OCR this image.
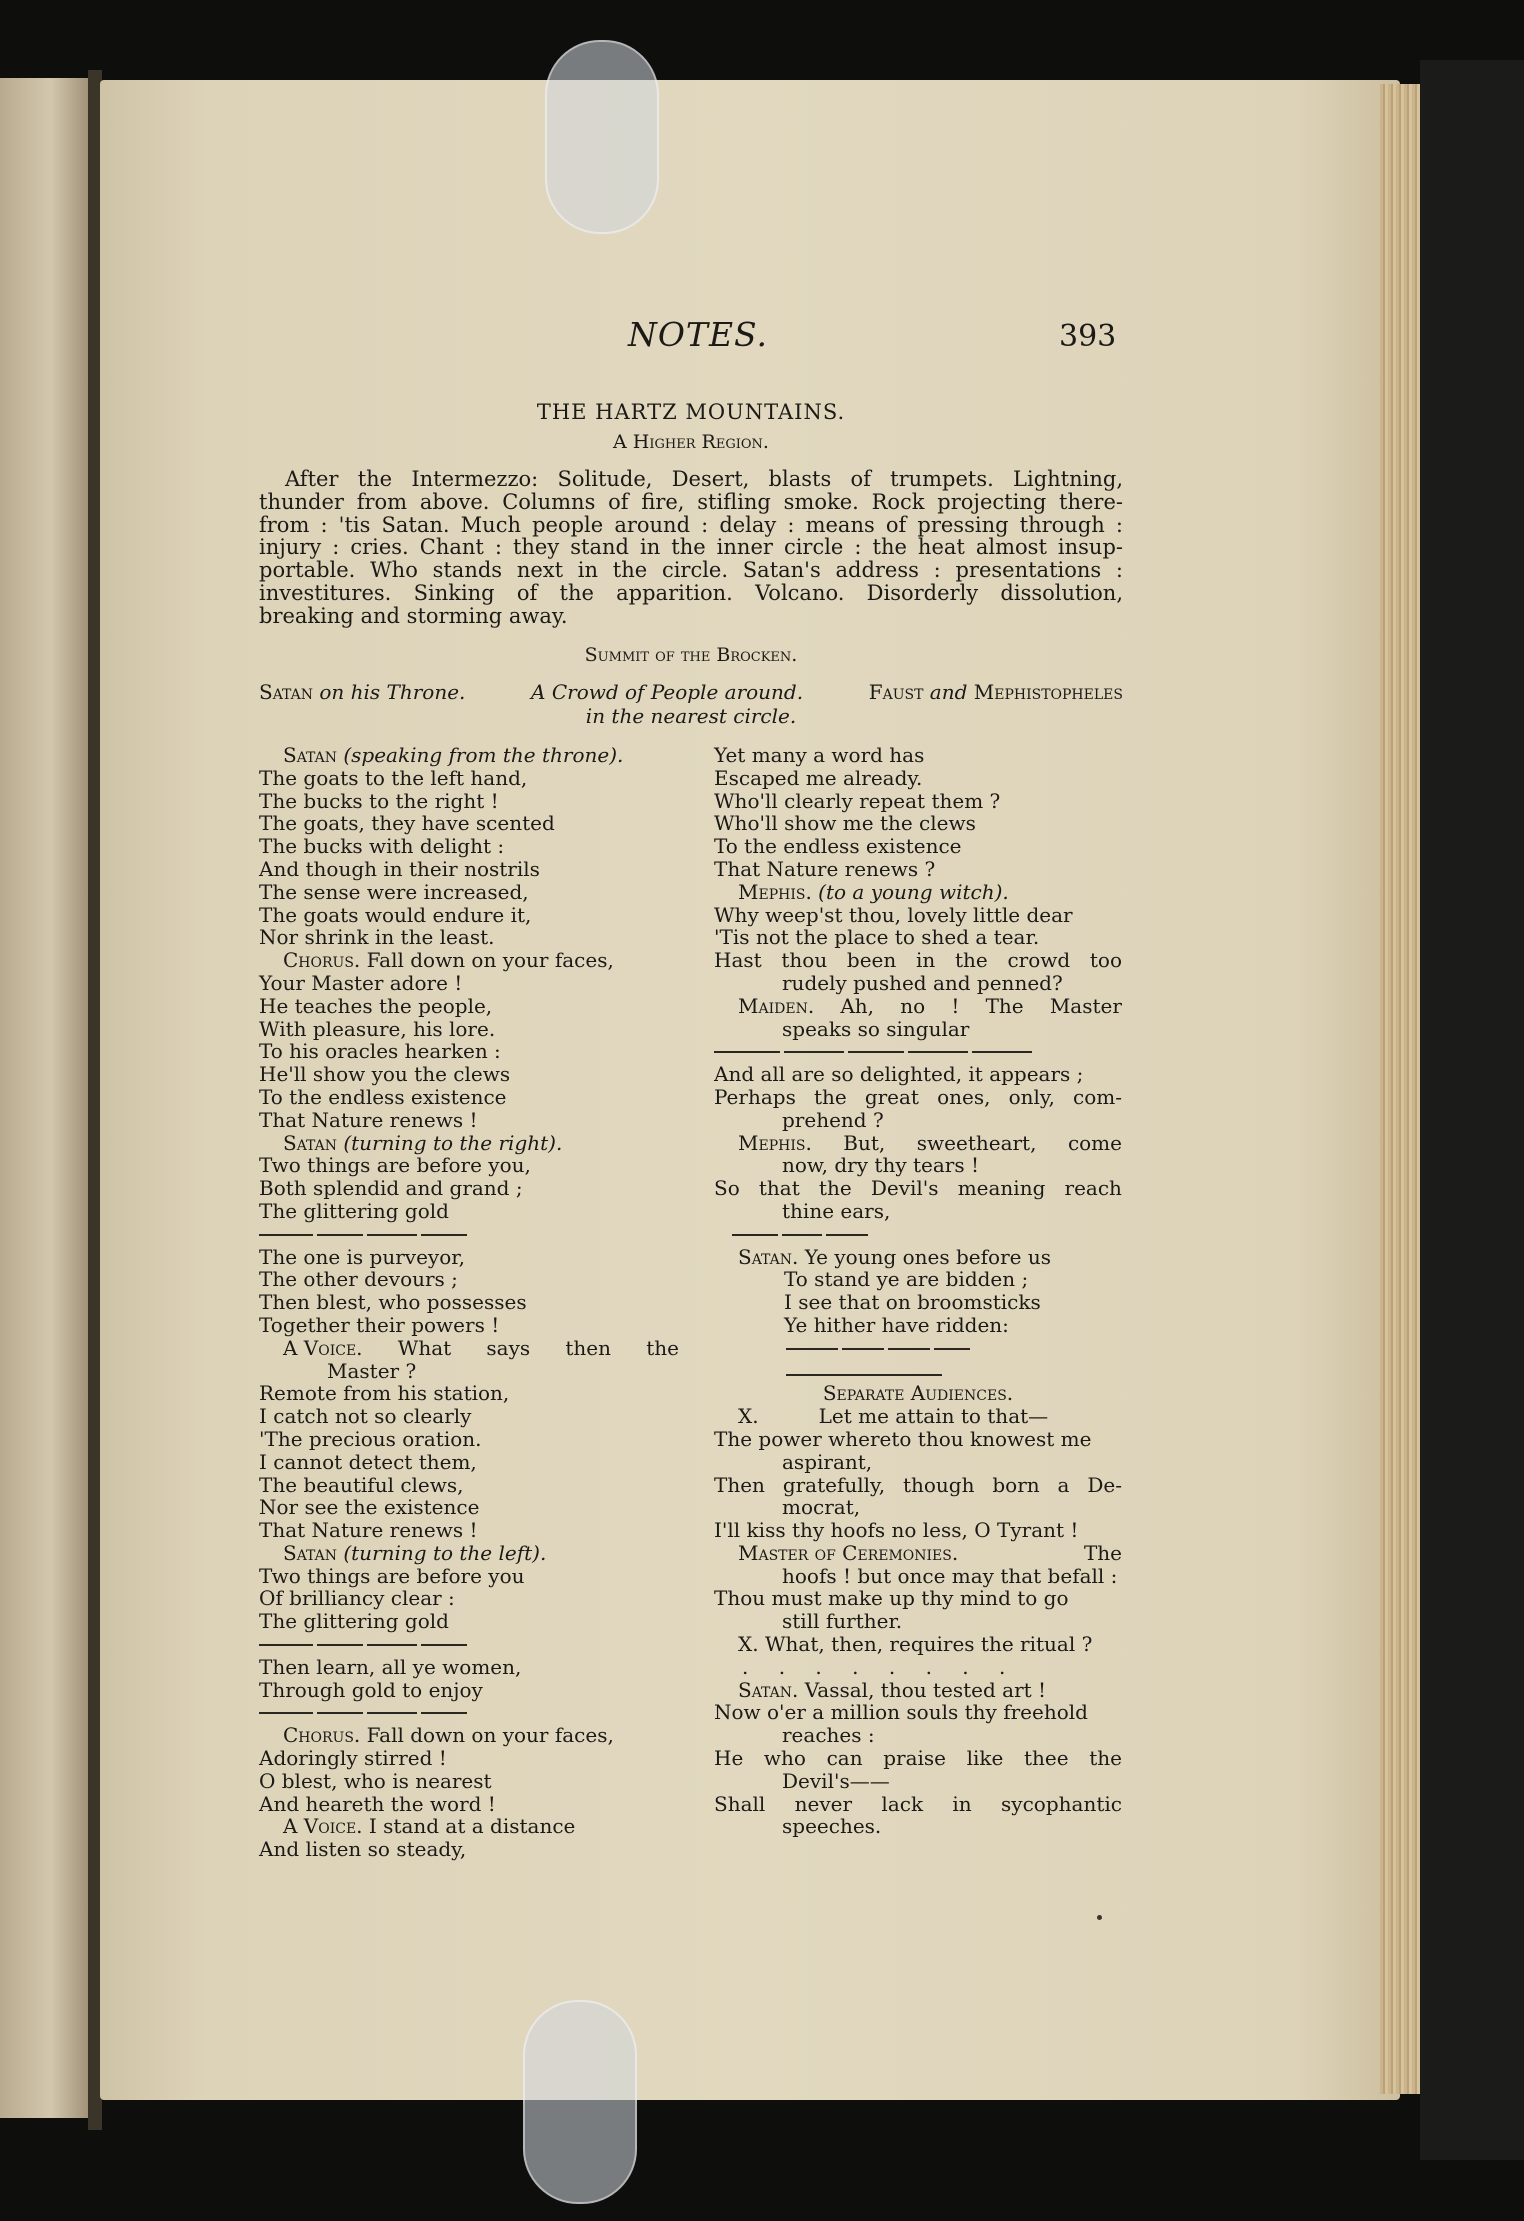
NOTES.	393
THE HARTZ MOUNTAINS.
A Higher Region.
After the Intermezzo: Solitude, Desert, blasts of trumpets. Lightning,
thunder from above. Columns of fire, stifling smoke. Rock projecting there-
from : 'tis Satan. Much people around : delay : means of pressing through :
injury : cries. Chant : they stand in the inner circle : the heat almost insup-
portable. Who stands next in the circle. Satan's address : presentations :
investitures. Sinking of the apparition. Volcano. Disorderly dissolution,
breaking and storming away.
Summit of the Brocken.
Satan on his Throne.	A Crowd of People around.	Faust and Mephistopheles
in the nearest circle.
Satan (speaking from the throne).
The goats to the left hand,
The bucks to the right !
The goats, they have scented
The bucks with delight :
And though in their nostrils
The sense were increased,
The goats would endure it,
Nor shrink in the least.
Chorus. Fall down on your faces,
Your Master adore !
He teaches the people,
With pleasure, his lore.
To his oracles hearken :
He'll show you the clews
To the endless existence
That Nature renews !
Satan (turning to the right).
Two things are before you,
Both splendid and grand ;
The glittering gold
The one is purveyor,
The other devours ;
Then blest, who possesses
Together their powers !
A Voice. What says then the
Master ?
Remote from his station,
I catch not so clearly
'The precious oration.
I cannot detect them,
The beautiful clews,
Nor see the existence
That Nature renews !
Satan (turning to the left).
Two things are before you
Of brilliancy clear :
The glittering gold
Then learn, all ye women,
Through gold to enjoy
Chorus. Fall down on your faces,
Adoringly stirred !
O blest, who is nearest
And heareth the word !
A Voice. I stand at a distance
And listen so steady,
Yet many a word has
Escaped me already.
Who'll clearly repeat them ?
Who'll show me the clews
To the endless existence
That Nature renews ?
Mephis. (to a young witch).
Why weep'st thou, lovely little dear
'Tis not the place to shed a tear.
Hast thou been in the crowd too
rudely pushed and penned?
Maiden. Ah, no ! The Master
speaks so singular
And all are so delighted, it appears ;
Perhaps the great ones, only, com-
prehend ?
Mephis. But, sweetheart, come
now, dry thy tears !
So that the Devil's meaning reach
thine ears,
Satan. Ye young ones before us
To stand ye are bidden ;
I see that on broomsticks
Ye hither have ridden:
Separate Audiences.
X.   	Let me attain to that—
The power whereto thou knowest me
aspirant,
Then gratefully, though born a De-
mocrat,
I'll kiss thy hoofs no less, O Tyrant !
Master of Ceremonies.	The
hoofs ! but once may that befall :
Thou must make up thy mind to go
still further.
X. What, then, requires the ritual ?
. . . . . . . .
Satan. Vassal, thou tested art !
Now o'er a million souls thy freehold
reaches :
He who can praise like thee the
Devil's——
Shall never lack in sycophantic
speeches.
